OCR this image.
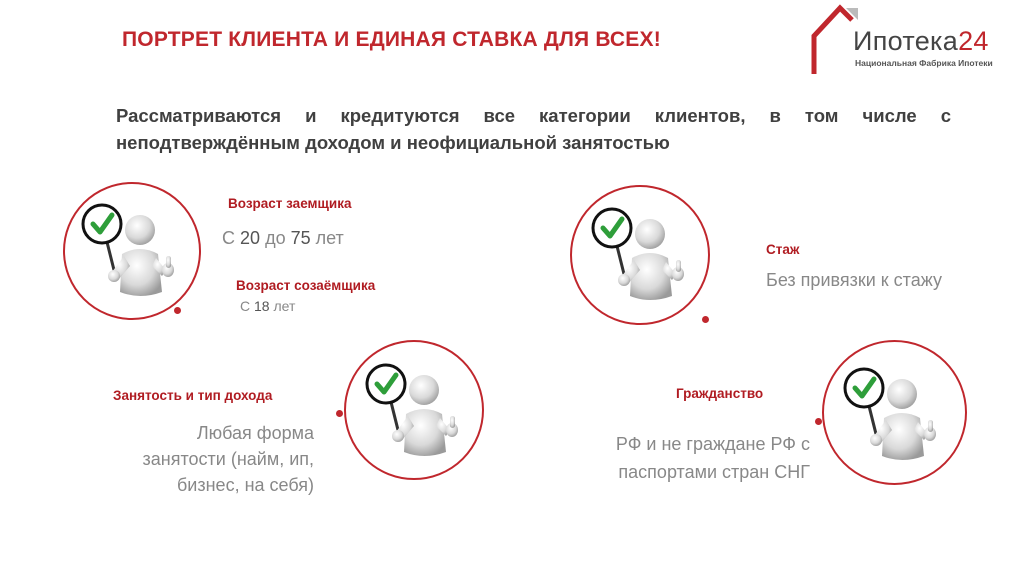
ПОРТРЕТ КЛИЕНТА И ЕДИНАЯ СТАВКА ДЛЯ ВСЕХ!	Ипотека24
Национальная Фабрика Ипотеки
Рассматриваются и кредитуются все категории клиентов, в том числе с неподтверждённым доходом и неофициальной занятостью
Возраст заемщика
С 20 до 75 лет
Возраст созаёмщика
С 18 лет
Стаж
Без привязки к стажу
Занятость и тип дохода
Любая форма
занятости (найм, ип,
бизнес, на себя)
Гражданство
РФ и не граждане РФ с
паспортами стран СНГ
